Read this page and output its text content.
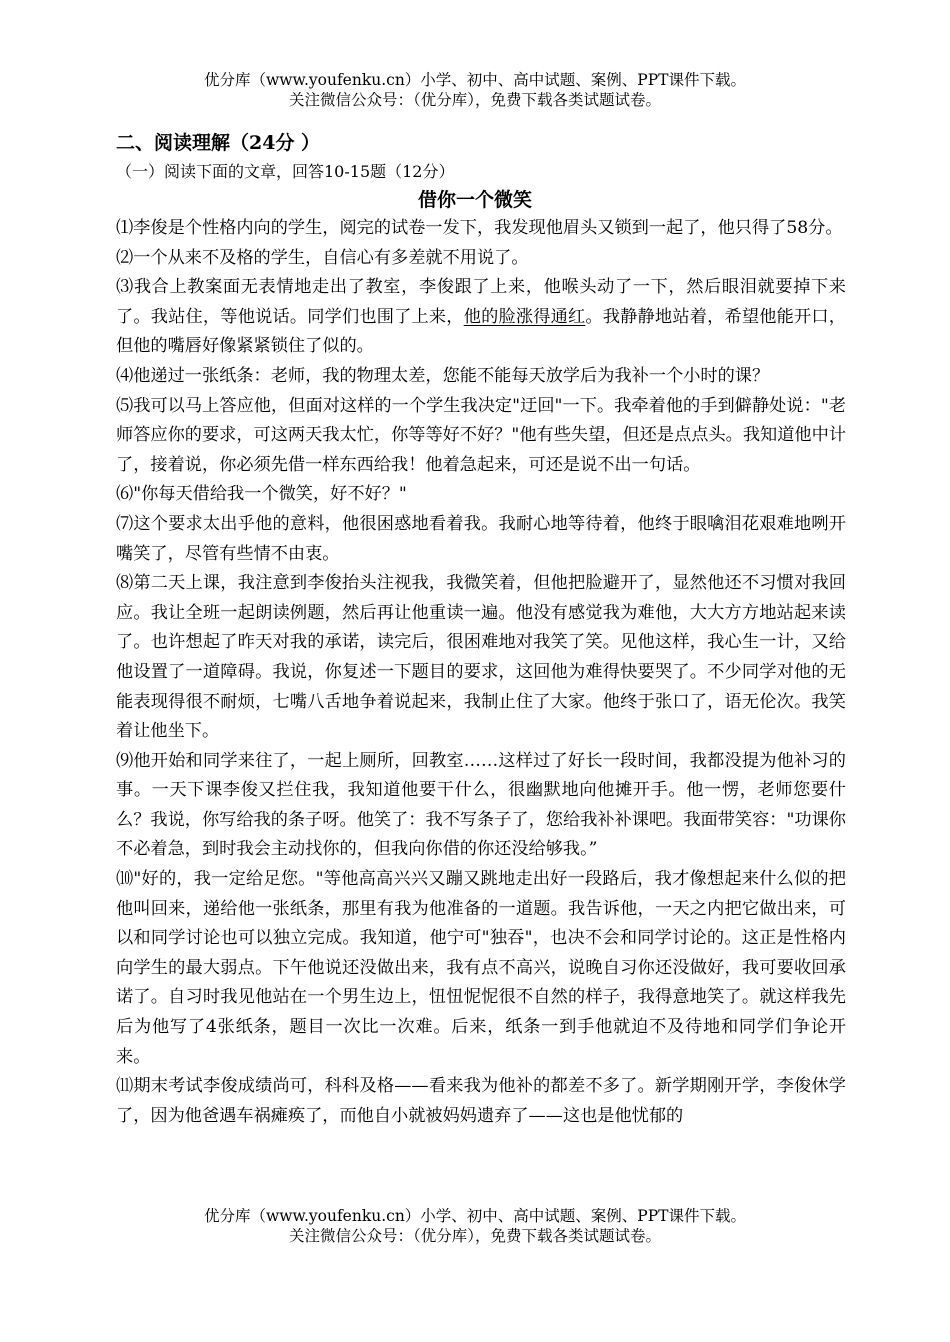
优分库（www.youfenku.cn）小学、初中、高中试题、案例、PPT课件下载。
关注微信公众号：（优分库），免费下载各类试题试卷。
二、阅读理解（24分 ）
（一）阅读下面的文章，回答10-15题（12分）
借你一个微笑

⑴李俊是个性格内向的学生，阅完的试卷一发下，我发现他眉头又锁到一起了，他只得了58分。

⑵一个从来不及格的学生，自信心有多差就不用说了。

⑶我合上教案面无表情地走出了教室，李俊跟了上来，他喉头动了一下，然后眼泪就要掉下来了。我站住，等他说话。同学们也围了上来，他的脸涨得通红。我静静地站着，希望他能开口，但他的嘴唇好像紧紧锁住了似的。

⑷他递过一张纸条：老师，我的物理太差，您能不能每天放学后为我补一个小时的课？

⑸我可以马上答应他，但面对这样的一个学生我决定"迂回"一下。我牵着他的手到僻静处说："老师答应你的要求，可这两天我太忙，你等等好不好？"他有些失望，但还是点点头。我知道他中计了，接着说，你必须先借一样东西给我！他着急起来，可还是说不出一句话。

⑹"你每天借给我一个微笑，好不好？"

⑺这个要求太出乎他的意料，他很困惑地看着我。我耐心地等待着，他终于眼噙泪花艰难地咧开嘴笑了，尽管有些情不由衷。

⑻第二天上课，我注意到李俊抬头注视我，我微笑着，但他把脸避开了，显然他还不习惯对我回应。我让全班一起朗读例题，然后再让他重读一遍。他没有感觉我为难他，大大方方地站起来读了。也许想起了昨天对我的承诺，读完后，很困难地对我笑了笑。见他这样，我心生一计，又给他设置了一道障碍。我说，你复述一下题目的要求，这回他为难得快要哭了。不少同学对他的无能表现得很不耐烦，七嘴八舌地争着说起来，我制止住了大家。他终于张口了，语无伦次。我笑着让他坐下。

⑼他开始和同学来往了，一起上厕所，回教室……这样过了好长一段时间，我都没提为他补习的事。一天下课李俊又拦住我，我知道他要干什么，很幽默地向他摊开手。他一愣，老师您要什么？我说，你写给我的条子呀。他笑了：我不写条子了，您给我补补课吧。我面带笑容："功课你不必着急，到时我会主动找你的，但我向你借的你还没给够我。”

⑽"好的，我一定给足您。"等他高高兴兴又蹦又跳地走出好一段路后，我才像想起来什么似的把他叫回来，递给他一张纸条，那里有我为他准备的一道题。我告诉他，一天之内把它做出来，可以和同学讨论也可以独立完成。我知道，他宁可"独吞"，也决不会和同学讨论的。这正是性格内向学生的最大弱点。下午他说还没做出来，我有点不高兴，说晚自习你还没做好，我可要收回承诺了。自习时我见他站在一个男生边上，忸忸怩怩很不自然的样子，我得意地笑了。就这样我先后为他写了4张纸条，题目一次比一次难。后来，纸条一到手他就迫不及待地和同学们争论开来。

⑾期末考试李俊成绩尚可，科科及格——看来我为他补的都差不多了。新学期刚开学，李俊休学了，因为他爸遇车祸瘫痪了，而他自小就被妈妈遗弃了——这也是他忧郁的

优分库（www.youfenku.cn）小学、初中、高中试题、案例、PPT课件下载。
关注微信公众号：（优分库），免费下载各类试题试卷。
